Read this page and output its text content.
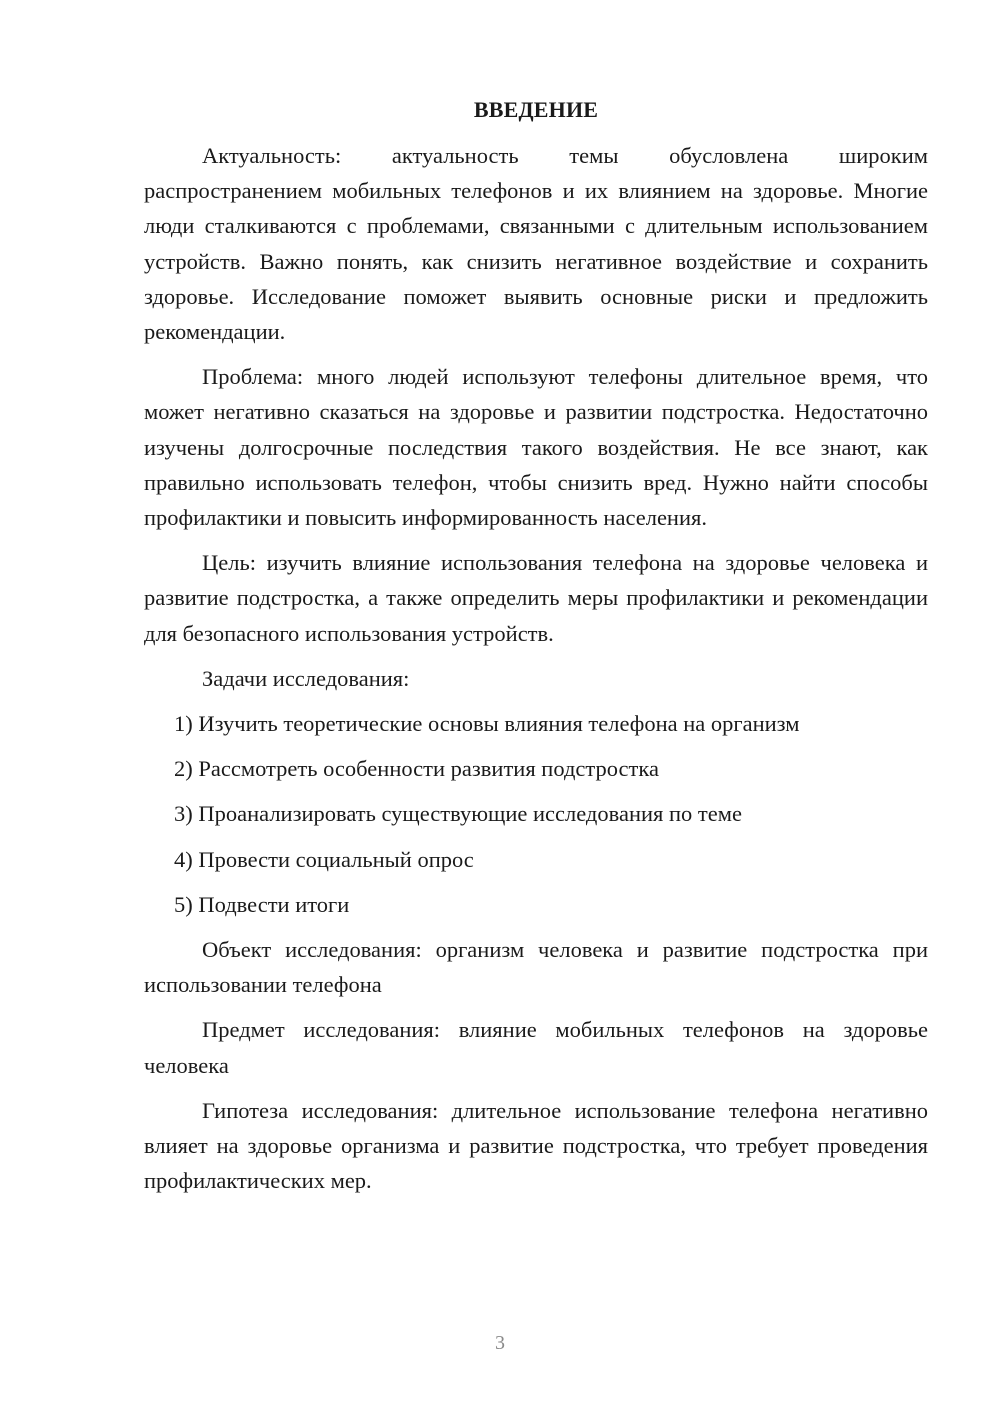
ВВЕДЕНИЕ

Актуальность: актуальность темы обусловлена широким распространением мобильных телефонов и их влиянием на здоровье. Многие люди сталкиваются с проблемами, связанными с длительным использованием устройств. Важно понять, как снизить негативное воздействие и сохранить здоровье. Исследование поможет выявить основные риски и предложить рекомендации.

Проблема: много людей используют телефоны длительное время, что может негативно сказаться на здоровье и развитии подстростка. Недостаточно изучены долгосрочные последствия такого воздействия. Не все знают, как правильно использовать телефон, чтобы снизить вред. Нужно найти способы профилактики и повысить информированность населения.

Цель: изучить влияние использования телефона на здоровье человека и развитие подстростка, а также определить меры профилактики и рекомендации для безопасного использования устройств.

Задачи исследования:
1) Изучить теоретические основы влияния телефона на организм
2) Рассмотреть особенности развития подстростка
3) Проанализировать существующие исследования по теме
4) Провести социальный опрос
5) Подвести итоги

Объект исследования: организм человека и развитие подстростка при использовании телефона

Предмет исследования: влияние мобильных телефонов на здоровье человека

Гипотеза исследования: длительное использование телефона негативно влияет на здоровье организма и развитие подстростка, что требует проведения профилактических мер.

3
